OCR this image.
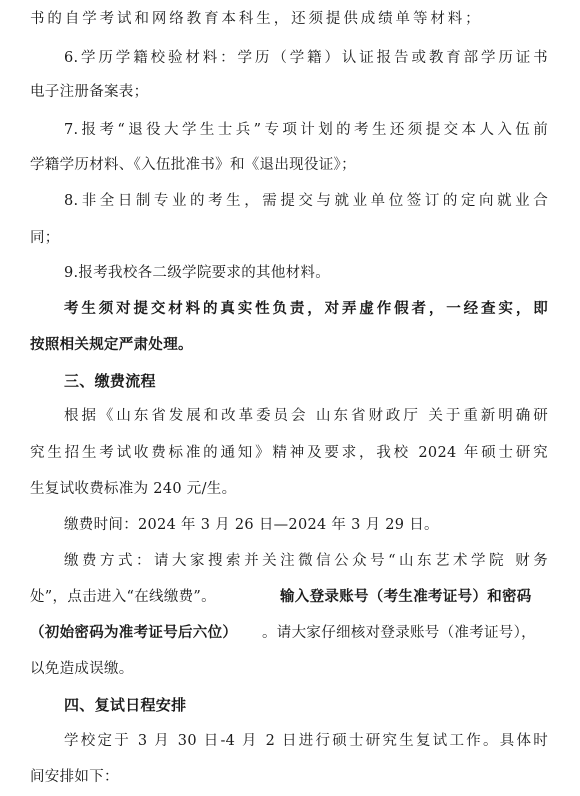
书的自学考试和网络教育本科生，还须提供成绩单等材料；
6.学历学籍校验材料：学历（学籍）认证报告或教育部学历证书
电子注册备案表；
7.报考“退役大学生士兵”专项计划的考生还须提交本人入伍前
学籍学历材料、《入伍批准书》和《退出现役证》；
8.非全日制专业的考生，需提交与就业单位签订的定向就业合
同；
9.报考我校各二级学院要求的其他材料。
考生须对提交材料的真实性负责，对弄虚作假者，一经查实，即
按照相关规定严肃处理。
三、缴费流程
根据《山东省发展和改革委员会 山东省财政厅 关于重新明确研
究生招生考试收费标准的通知》精神及要求，我校 2024 年硕士研究
生复试收费标准为 240 元/生。
缴费时间：2024 年 3 月 26 日—2024 年 3 月 29 日。
缴费方式：请大家搜索并关注微信公众号“山东艺术学院 财务
处”，点击进入“在线缴费”。	输入登录账号（考生准考证号）和密码
（初始密码为准考证号后六位）	。请大家仔细核对登录账号（准考证号），
以免造成误缴。
四、复试日程安排
学校定于 3 月 30 日-4 月 2 日进行硕士研究生复试工作。具体时
间安排如下：
